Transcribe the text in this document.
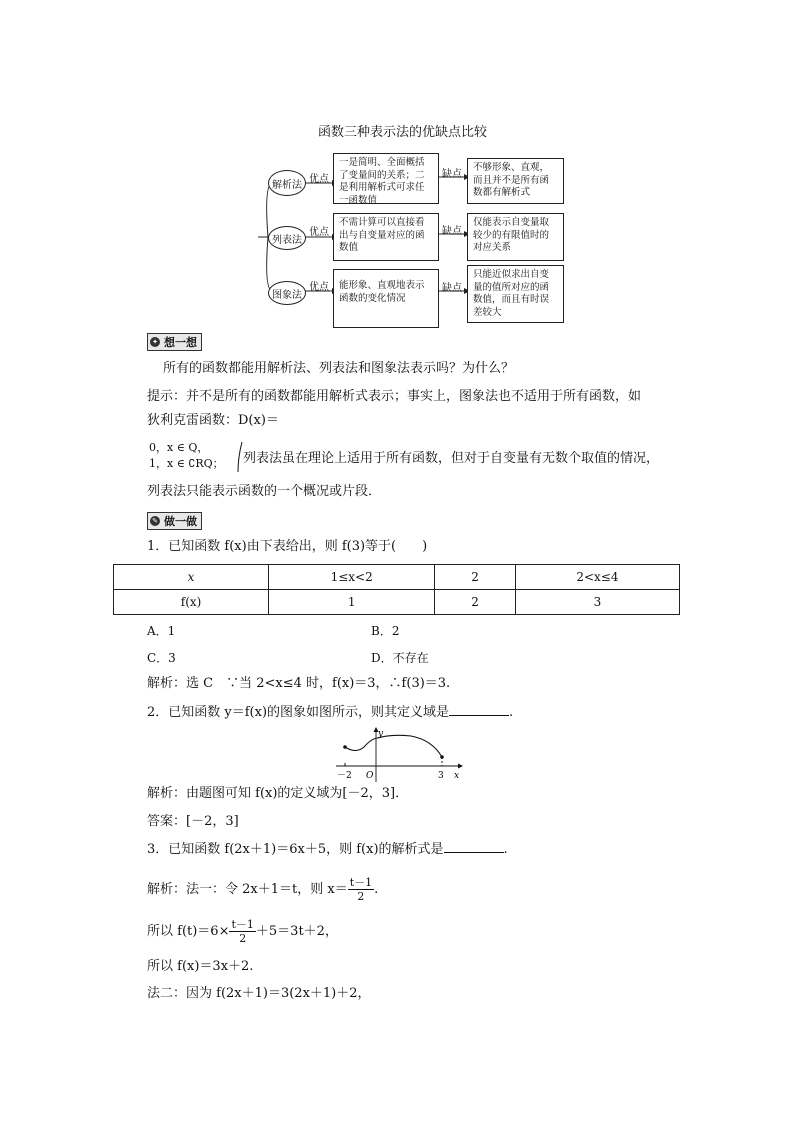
函数三种表示法的优缺点比较
解析法 优点
一是简明、全面概括了变量间的关系；二是利用解析式可求任一函数值
缺点
不够形象、直观，而且并不是所有函数都有解析式
列表法
优点
不需计算可以直接看出与自变量对应的函数值
缺点
仅能表示自变量取较少的有限值时的对应关系
图象法
优点	能形象、直观地表示函数的变化情况
缺点
只能近似求出自变量的值所对应的函数值，而且有时误差较大
✦ 想一想
所有的函数都能用解析法、列表法和图象法表示吗？为什么？
提示：并不是所有的函数都能用解析式表示；事实上，图象法也不适用于所有函数，如
狄利克雷函数：D(x)＝
0，x ∈ Q，
1，x ∈ ∁RQ； 列表法虽在理论上适用于所有函数，但对于自变量有无数个取值的情况，
列表法只能表示函数的一个概况或片段．
✎ 做一做
1．已知函数 f(x)由下表给出，则 f(3)等于(　　)
x	1≤x<2	2	2<x≤4
f(x)	1	2	3
A．1	B．2
C．3	D．不存在
解析：选 C　∵当 2<x≤4 时，f(x)＝3，∴f(3)＝3.
2．已知函数 y＝f(x)的图象如图所示，则其定义域是	.
y
x
O
－2	3
解析：由题图可知 f(x)的定义域为[－2，3]．
答案：[－2，3]
3．已知函数 f(2x＋1)＝6x＋5，则 f(x)的解析式是	.
解析：法一：令 2x＋1＝t，则 $x= \frac{t-1}{2}$ .
所以 $f(t)=6\times \frac{t-1}{2} +5=3t+2$，
所以 f(x)＝3x＋2.
法二：因为 f(2x＋1)＝3(2x＋1)＋2，
